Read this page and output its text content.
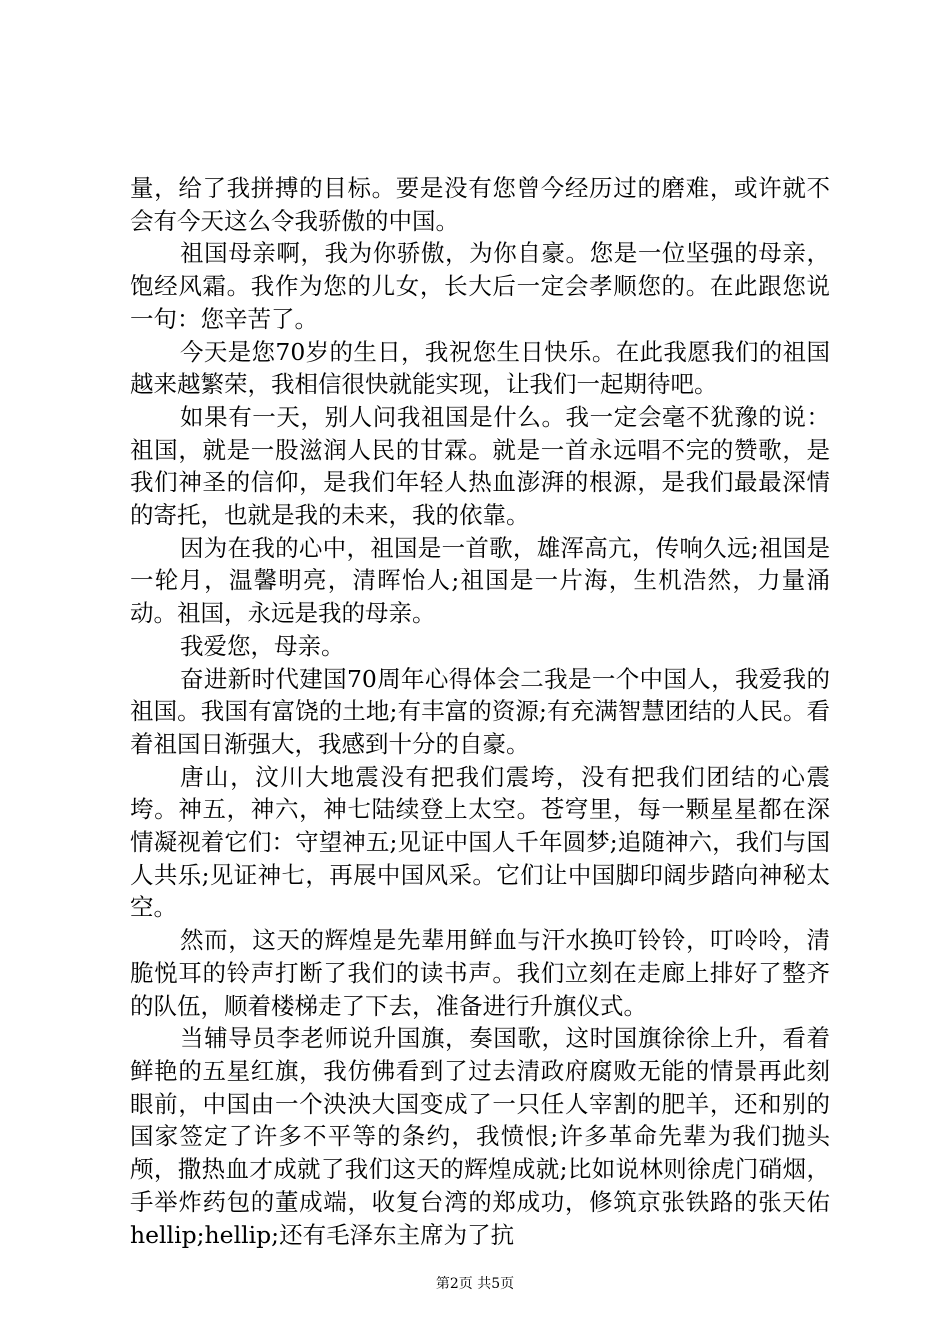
量，给了我拼搏的目标。要是没有您曾今经历过的磨难，或许就不会有今天这么令我骄傲的中国。

祖国母亲啊，我为你骄傲，为你自豪。您是一位坚强的母亲，饱经风霜。我作为您的儿女，长大后一定会孝顺您的。在此跟您说一句：您辛苦了。

今天是您70岁的生日，我祝您生日快乐。在此我愿我们的祖国越来越繁荣，我相信很快就能实现，让我们一起期待吧。

如果有一天，别人问我祖国是什么。我一定会毫不犹豫的说：祖国，就是一股滋润人民的甘霖。就是一首永远唱不完的赞歌，是我们神圣的信仰，是我们年轻人热血澎湃的根源，是我们最最深情的寄托，也就是我的未来，我的依靠。

因为在我的心中，祖国是一首歌，雄浑高亢，传响久远;祖国是一轮月，温馨明亮，清晖怡人;祖国是一片海，生机浩然，力量涌动。祖国，永远是我的母亲。

我爱您，母亲。

奋进新时代建国70周年心得体会二我是一个中国人，我爱我的祖国。我国有富饶的土地;有丰富的资源;有充满智慧团结的人民。看着祖国日渐强大，我感到十分的自豪。

唐山，汶川大地震没有把我们震垮，没有把我们团结的心震垮。神五，神六，神七陆续登上太空。苍穹里，每一颗星星都在深情凝视着它们：守望神五;见证中国人千年圆梦;追随神六，我们与国人共乐;见证神七，再展中国风采。它们让中国脚印阔步踏向神秘太空。

然而，这天的辉煌是先辈用鲜血与汗水换叮铃铃，叮呤呤，清脆悦耳的铃声打断了我们的读书声。我们立刻在走廊上排好了整齐的队伍，顺着楼梯走了下去，准备进行升旗仪式。

当辅导员李老师说升国旗，奏国歌，这时国旗徐徐上升，看着鲜艳的五星红旗，我仿佛看到了过去清政府腐败无能的情景再此刻眼前，中国由一个泱泱大国变成了一只任人宰割的肥羊，还和别的国家签定了许多不平等的条约，我愤恨;许多革命先辈为我们抛头颅，撒热血才成就了我们这天的辉煌成就;比如说林则徐虎门硝烟，手举炸药包的董成端，收复台湾的郑成功，修筑京张铁路的张天佑hellip;hellip;还有毛泽东主席为了抗

第2页 共5页
